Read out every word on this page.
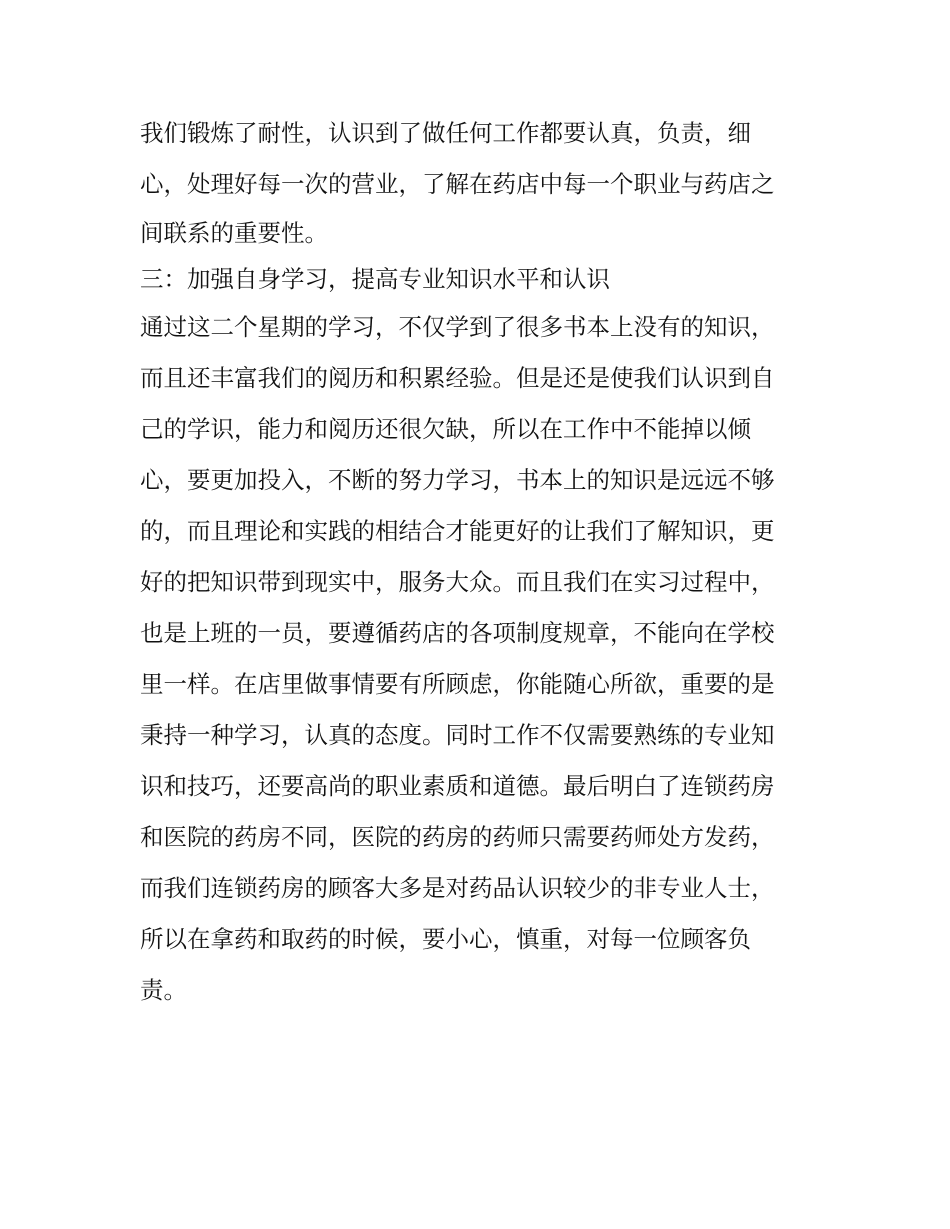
我们锻炼了耐性，认识到了做任何工作都要认真，负责，细
心，处理好每一次的营业，了解在药店中每一个职业与药店之
间联系的重要性。
三：加强自身学习，提高专业知识水平和认识
通过这二个星期的学习，不仅学到了很多书本上没有的知识，
而且还丰富我们的阅历和积累经验。但是还是使我们认识到自
己的学识，能力和阅历还很欠缺，所以在工作中不能掉以倾
心，要更加投入，不断的努力学习，书本上的知识是远远不够
的，而且理论和实践的相结合才能更好的让我们了解知识，更
好的把知识带到现实中，服务大众。而且我们在实习过程中，
也是上班的一员，要遵循药店的各项制度规章，不能向在学校
里一样。在店里做事情要有所顾虑，你能随心所欲，重要的是
秉持一种学习，认真的态度。同时工作不仅需要熟练的专业知
识和技巧，还要高尚的职业素质和道德。最后明白了连锁药房
和医院的药房不同，医院的药房的药师只需要药师处方发药，
而我们连锁药房的顾客大多是对药品认识较少的非专业人士，
所以在拿药和取药的时候，要小心，慎重，对每一位顾客负
责。
